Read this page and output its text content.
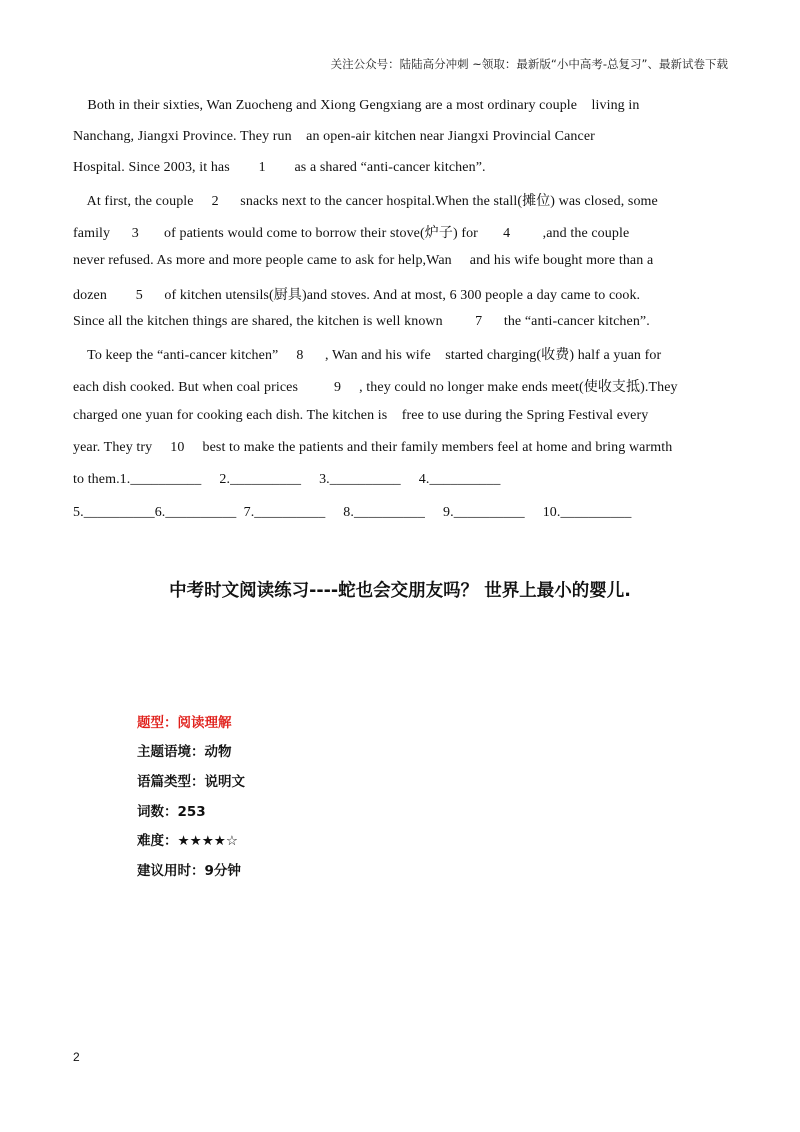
关注公众号：陆陆高分冲刺 ~领取：最新版“小中高考-总复习”、最新试卷下载
Both in their sixties, Wan Zuocheng and Xiong Gengxiang are a most ordinary couple    living in
Nanchang, Jiangxi Province. They run    an open-air kitchen near Jiangxi Provincial Cancer
Hospital. Since 2003, it has        1        as a shared “anti-cancer kitchen”.
At first, the couple     2      snacks next to the cancer hospital.When the stall(摊位) was closed, some
family      3       of patients would come to borrow their stove(炉子) for       4         ,and the couple
never refused. As more and more people came to ask for help,Wan     and his wife bought more than a
dozen        5      of kitchen utensils(厨具)and stoves. And at most, 6 300 people a day came to cook.
Since all the kitchen things are shared, the kitchen is well known         7      the “anti-cancer kitchen”.
To keep the “anti-cancer kitchen”     8      , Wan and his wife    started charging(收费) half a yuan for
each dish cooked. But when coal prices          9     , they could no longer make ends meet(使收支抵).They
charged one yuan for cooking each dish. The kitchen is    free to use during the Spring Festival every
year. They try     10     best to make the patients and their family members feel at home and bring warmth
to them.1.__________     2.__________     3.__________     4.__________
5.__________6.__________  7.__________     8.__________     9.__________     10.__________
中考时文阅读练习----蛇也会交朋友吗？ 世界上最小的婴儿.
题型：阅读理解
主题语境：动物
语篇类型：说明文
词数：253
难度：★★★★☆
建议用时：9分钟
2
